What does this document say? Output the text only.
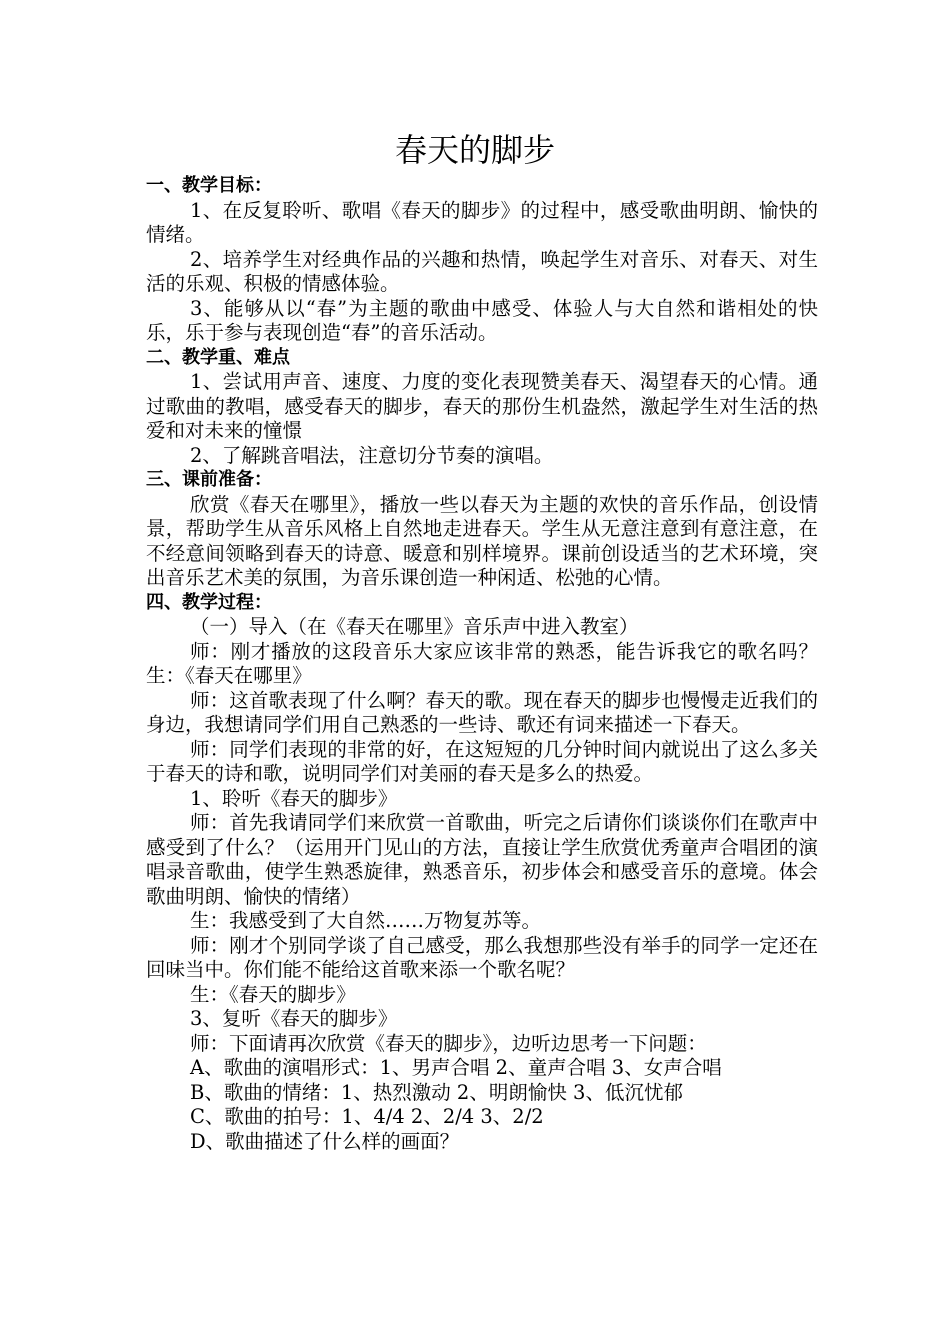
春天的脚步

一、教学目标：

1、在反复聆听、歌唱《春天的脚步》的过程中，感受歌曲明朗、愉快的情绪。

2、培养学生对经典作品的兴趣和热情，唤起学生对音乐、对春天、对生活的乐观、积极的情感体验。

3、能够从以“春”为主题的歌曲中感受、体验人与大自然和谐相处的快乐，乐于参与表现创造“春”的音乐活动。

二、教学重、难点

1、尝试用声音、速度、力度的变化表现赞美春天、渴望春天的心情。通过歌曲的教唱，感受春天的脚步，春天的那份生机盎然，激起学生对生活的热爱和对未来的憧憬

2、了解跳音唱法，注意切分节奏的演唱。

三、课前准备：

欣赏《春天在哪里》，播放一些以春天为主题的欢快的音乐作品，创设情景，帮助学生从音乐风格上自然地走进春天。学生从无意注意到有意注意，在不经意间领略到春天的诗意、暖意和别样境界。课前创设适当的艺术环境，突出音乐艺术美的氛围，为音乐课创造一种闲适、松弛的心情。

四、教学过程：

（一）导入（在《春天在哪里》音乐声中进入教室）

师：刚才播放的这段音乐大家应该非常的熟悉，能告诉我它的歌名吗？　生：《春天在哪里》

师：这首歌表现了什么啊？春天的歌。现在春天的脚步也慢慢走近我们的身边，我想请同学们用自己熟悉的一些诗、歌还有词来描述一下春天。

师：同学们表现的非常的好，在这短短的几分钟时间内就说出了这么多关于春天的诗和歌，说明同学们对美丽的春天是多么的热爱。

1、聆听《春天的脚步》

师：首先我请同学们来欣赏一首歌曲，听完之后请你们谈谈你们在歌声中感受到了什么？（运用开门见山的方法，直接让学生欣赏优秀童声合唱团的演唱录音歌曲，使学生熟悉旋律，熟悉音乐，初步体会和感受音乐的意境。体会歌曲明朗、愉快的情绪）

生：我感受到了大自然……万物复苏等。

师：刚才个别同学谈了自己感受，那么我想那些没有举手的同学一定还在回味当中。你们能不能给这首歌来添一个歌名呢？

生：《春天的脚步》

3、复听《春天的脚步》

师：下面请再次欣赏《春天的脚步》，边听边思考一下问题：

A、歌曲的演唱形式：1、男声合唱 2、童声合唱 3、女声合唱

B、歌曲的情绪：1、热烈激动 2、明朗愉快 3、低沉忧郁

C、歌曲的拍号：1、4/4 2、2/4 3、2/2

D、歌曲描述了什么样的画面？
